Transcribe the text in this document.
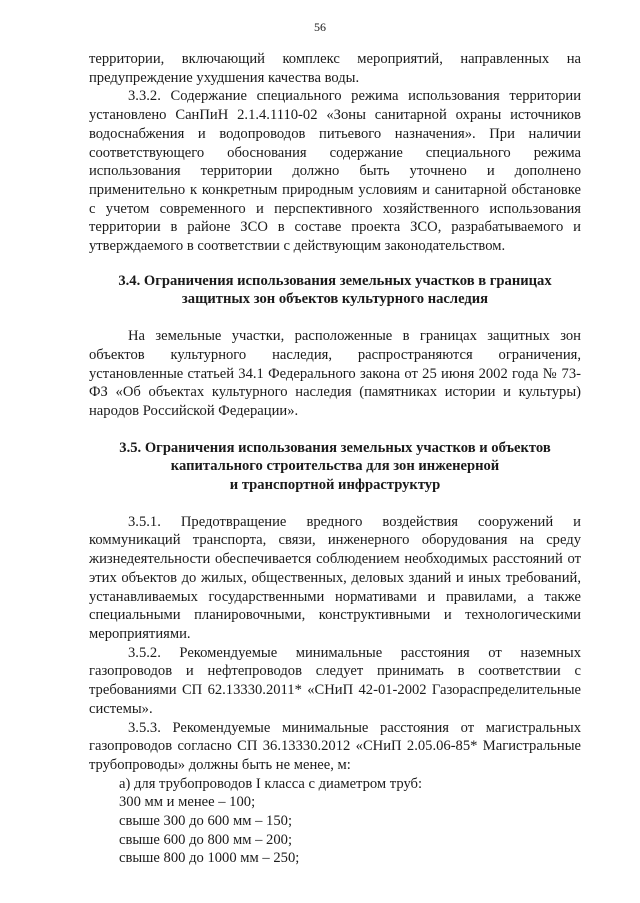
56

территории, включающий комплекс мероприятий, направленных на предупреждение ухудшения качества воды.

3.3.2. Содержание специального режима использования территории установлено СанПиН 2.1.4.1110-02 «Зоны санитарной охраны источников водоснабжения и водопроводов питьевого назначения». При наличии соответствующего обоснования содержание специального режима использования территории должно быть уточнено и дополнено применительно к конкретным природным условиям и санитарной обстановке с учетом современного и перспективного хозяйственного использования территории в районе ЗСО в составе проекта ЗСО, разрабатываемого и утверждаемого в соответствии с действующим законодательством.

3.4. Ограничения использования земельных участков в границах
защитных зон объектов культурного наследия

На земельные участки, расположенные в границах защитных зон объектов культурного наследия, распространяются ограничения, установленные статьей 34.1 Федерального закона от 25 июня 2002 года № 73-ФЗ «Об объектах культурного наследия (памятниках истории и культуры) народов Российской Федерации».

3.5. Ограничения использования земельных участков и объектов
капитального строительства для зон инженерной
и транспортной инфраструктур

3.5.1. Предотвращение вредного воздействия сооружений и коммуникаций транспорта, связи, инженерного оборудования на среду жизнедеятельности обеспечивается соблюдением необходимых расстояний от этих объектов до жилых, общественных, деловых зданий и иных требований, устанавливаемых государственными нормативами и правилами, а также специальными планировочными, конструктивными и технологическими мероприятиями.

3.5.2. Рекомендуемые минимальные расстояния от наземных газопроводов и нефтепроводов следует принимать в соответствии с требованиями СП 62.13330.2011* «СНиП 42-01-2002 Газораспределительные системы».

3.5.3. Рекомендуемые минимальные расстояния от магистральных газопроводов согласно СП 36.13330.2012 «СНиП 2.05.06-85* Магистральные трубопроводы» должны быть не менее, м:

а) для трубопроводов I класса с диаметром труб:

300 мм и менее – 100;

свыше 300 до 600 мм – 150;

свыше 600 до 800 мм – 200;

свыше 800 до 1000 мм – 250;
